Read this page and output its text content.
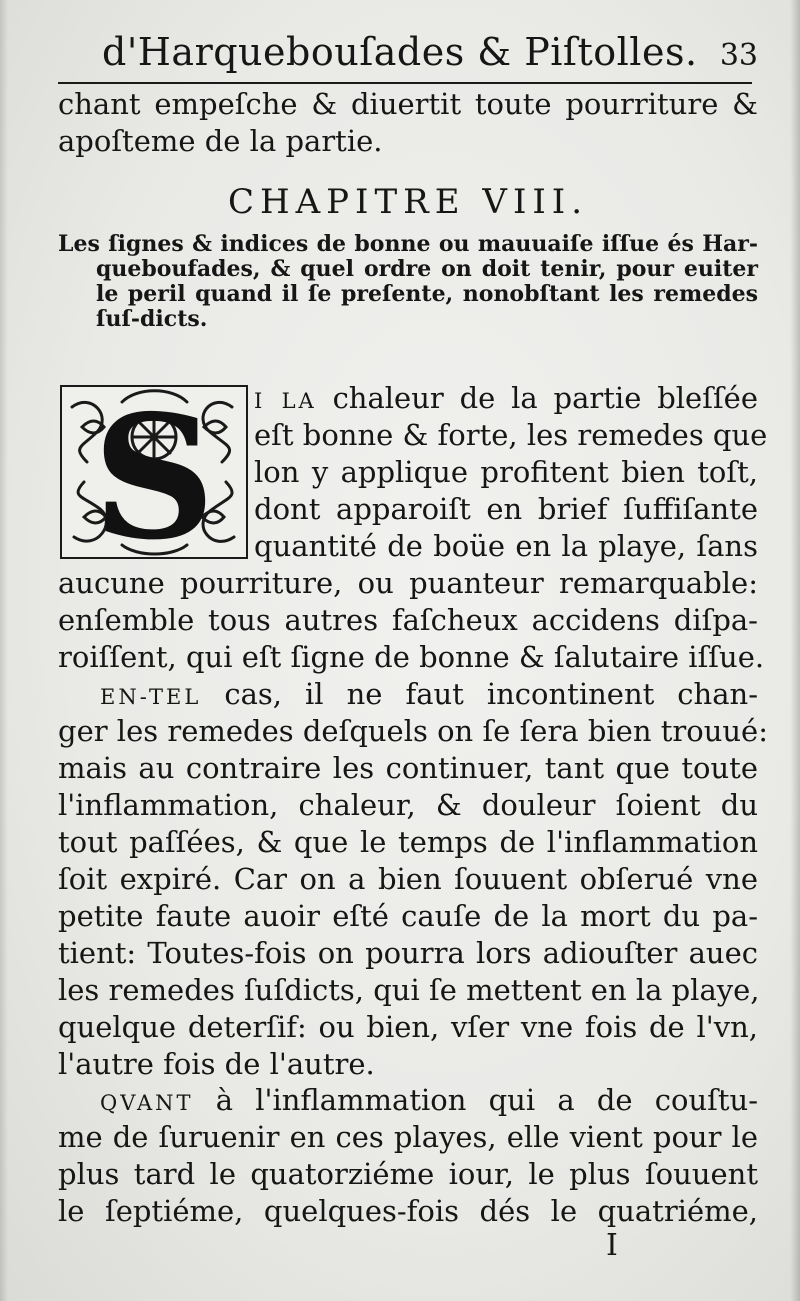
d'Harquebouſades & Piſtolles. 33
chant empeſche & diuertit toute pourriture &
apoſteme de la partie.
CHAPITRE VIII.
Les ſignes & indices de bonne ou mauuaiſe iſſue és Har-
queboufades, & quel ordre on doit tenir, pour euiter
le peril quand il ſe preſente, nonobſtant les remedes
ſuſ-dicts.
S I LA chaleur de la partie bleſſée
eſt bonne & forte, les remedes que
lon y applique profitent bien toſt,
dont apparoiſt en brief ſuffiſante
quantité de boüe en la playe, ſans
aucune pourriture, ou puanteur remarquable:
enſemble tous autres faſcheux accidens diſpa-
roiſſent, qui eſt ſigne de bonne & ſalutaire iſſue.
EN-TEL cas, il ne faut incontinent chan-
ger les remedes deſquels on ſe ſera bien trouué:
mais au contraire les continuer, tant que toute
l'inflammation, chaleur, & douleur ſoient du
tout paſſées, & que le temps de l'inflammation
ſoit expiré. Car on a bien ſouuent obſerué vne
petite faute auoir eſté cauſe de la mort du pa-
tient: Toutes-fois on pourra lors adiouſter auec
les remedes ſuſdicts, qui ſe mettent en la playe,
quelque deterſif: ou bien, vſer vne fois de l'vn,
l'autre fois de l'autre.
QVANT à l'inflammation qui a de couſtu-
me de ſuruenir en ces playes, elle vient pour le
plus tard le quatorziéme iour, le plus ſouuent
le ſeptiéme, quelques-fois dés le quatriéme,
I
